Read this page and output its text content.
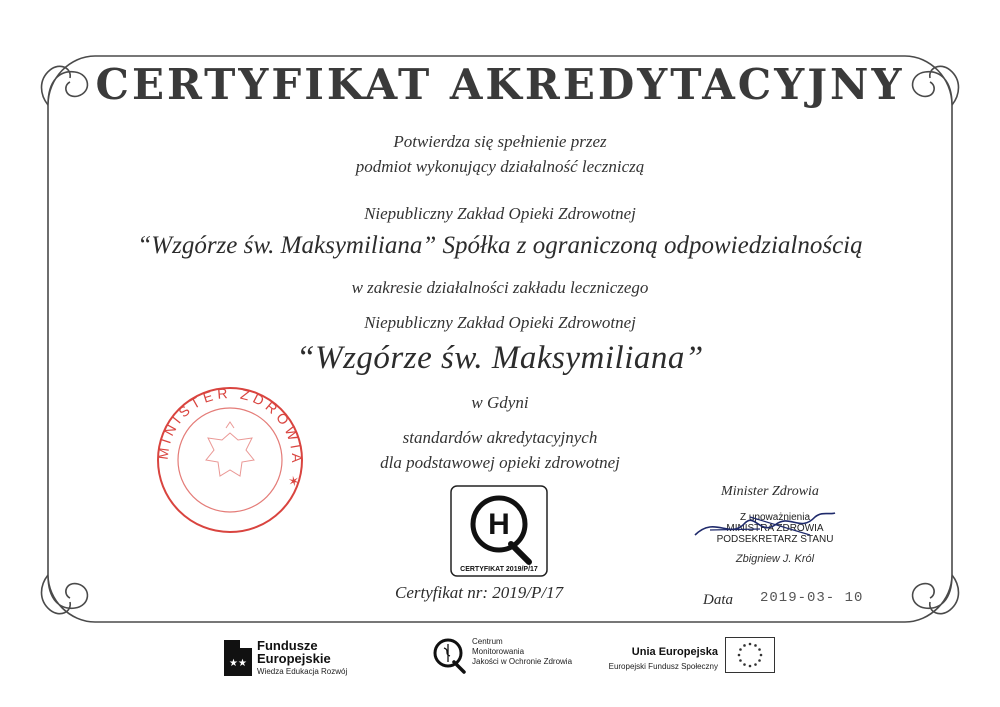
CERTYFIKAT AKREDYTACYJNY
Potwierdza się spełnienie przez
podmiot wykonujący działalność leczniczą
Niepubliczny Zakład Opieki Zdrowotnej
“Wzgórze św. Maksymiliana” Spółka z ograniczoną odpowiedzialnością
w zakresie działalności zakładu leczniczego
Niepubliczny Zakład Opieki Zdrowotnej
“Wzgórze św. Maksymiliana”
w Gdyni
standardów akredytacyjnych
dla podstawowej opieki zdrowotnej
MINISTER ZDROWIA ✶
H
CERTYFIKAT 2019/P/17
Minister Zdrowia
Z upoważnienia
MINISTRA ZDROWIA
PODSEKRETARZ STANU
Zbigniew J. Król
Certyfikat nr: 2019/P/17	Data 2019-03- 10
★★
Fundusze
Europejskie
Wiedza Edukacja Rozwój
Centrum
Monitorowania
Jakości w Ochronie Zdrowia
Unia Europejska
Europejski Fundusz Społeczny
